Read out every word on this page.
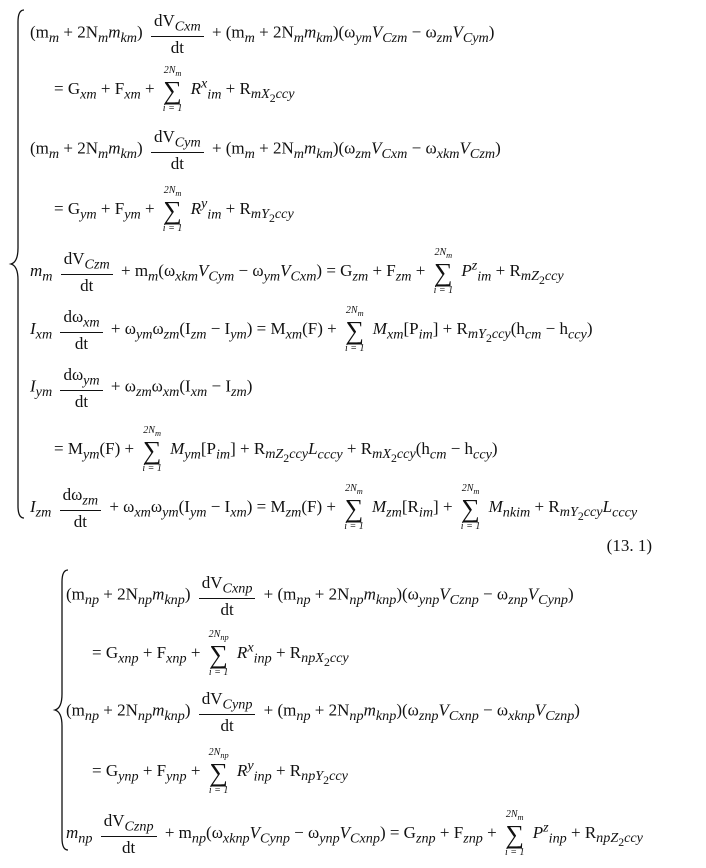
$(m_m + 2N_mm_{km}) \frac{dV_{Cxm}}{dt} + (m_m + 2N_mm_{km})(\omega_{ym}V_{Czm} - \omega_{zm}V_{Cym})$
= $G_{xm} + F_{xm}$ +
$2N_m$
∑
i = 1
$R^x_{im} + R_{mX_2ccy}$
$(m_m + 2N_mm_{km}) \frac{dV_{Cym}}{dt} + (m_m + 2N_mm_{km})(\omega_{zm}V_{Cxm} - \omega_{xkm}V_{Czm})$
= $G_{ym} + F_{ym}$ +
$2N_m$
∑
i = 1
$R^y_{im} + R_{mY_2ccy}$
$m_m \frac{dV_{Czm}}{dt} + m_m(\omega_{xkm}V_{Cym} - \omega_{ym}V_{Cxm}) = G_{zm} + F_{zm}$ +
$2N_m$
∑
i = 1
$P^z_{im} + R_{mZ_2ccy}$
$I_{xm} \frac{d\omega_{xm}}{dt} + \omega_{ym}\omega_{zm}(I_{zm} - I_{ym}) = M_{xm}(F)$ +
$2N_m$
∑
i = 1
$M_{xm}[P_{im}] + R_{mY_2ccy}(h_{cm} - h_{ccy})$
$I_{ym} \frac{d\omega_{ym}}{dt} + \omega_{zm}\omega_{xm}(I_{xm} - I_{zm})$
= $M_{ym}(F)$ +
$2N_m$
∑
i = 1
$M_{ym}[P_{im}] + R_{mZ_2ccy}L_{cccy} + R_{mX_2ccy}(h_{cm} - h_{ccy})$
$I_{zm} \frac{d\omega_{zm}}{dt} + \omega_{xm}\omega_{ym}(I_{ym} - I_{xm}) = M_{zm}(F)$ +
$2N_m$
∑
i = 1
$M_{zm}[R_{im}]$ +
$2N_m$
∑
i = 1
$M_{nkim} + R_{mY_2ccy}L_{cccy}$
(13. 1)
$(m_{np} + 2N_{np}m_{knp}) \frac{dV_{Cxnp}}{dt} + (m_{np} + 2N_{np}m_{knp})(\omega_{ynp}V_{Cznp} - \omega_{znp}V_{Cynp})$
= $G_{xnp} + F_{xnp}$ +
$2N_{np}$
∑
i = 1
$R^x_{inp} + R_{npX_2ccy}$
$(m_{np} + 2N_{np}m_{knp}) \frac{dV_{Cynp}}{dt} + (m_{np} + 2N_{np}m_{knp})(\omega_{znp}V_{Cxnp} - \omega_{xknp}V_{Cznp})$
= $G_{ynp} + F_{ynp}$ +
$2N_{np}$
∑
i = 1
$R^y_{inp} + R_{npY_2ccy}$
$m_{np} \frac{dV_{Cznp}}{dt} + m_{np}(\omega_{xknp}V_{Cynp} - \omega_{ynp}V_{Cxnp}) = G_{znp} + F_{znp}$ +
$2N_m$
∑
i = 1
$P^z_{inp} + R_{npZ_2ccy}$
